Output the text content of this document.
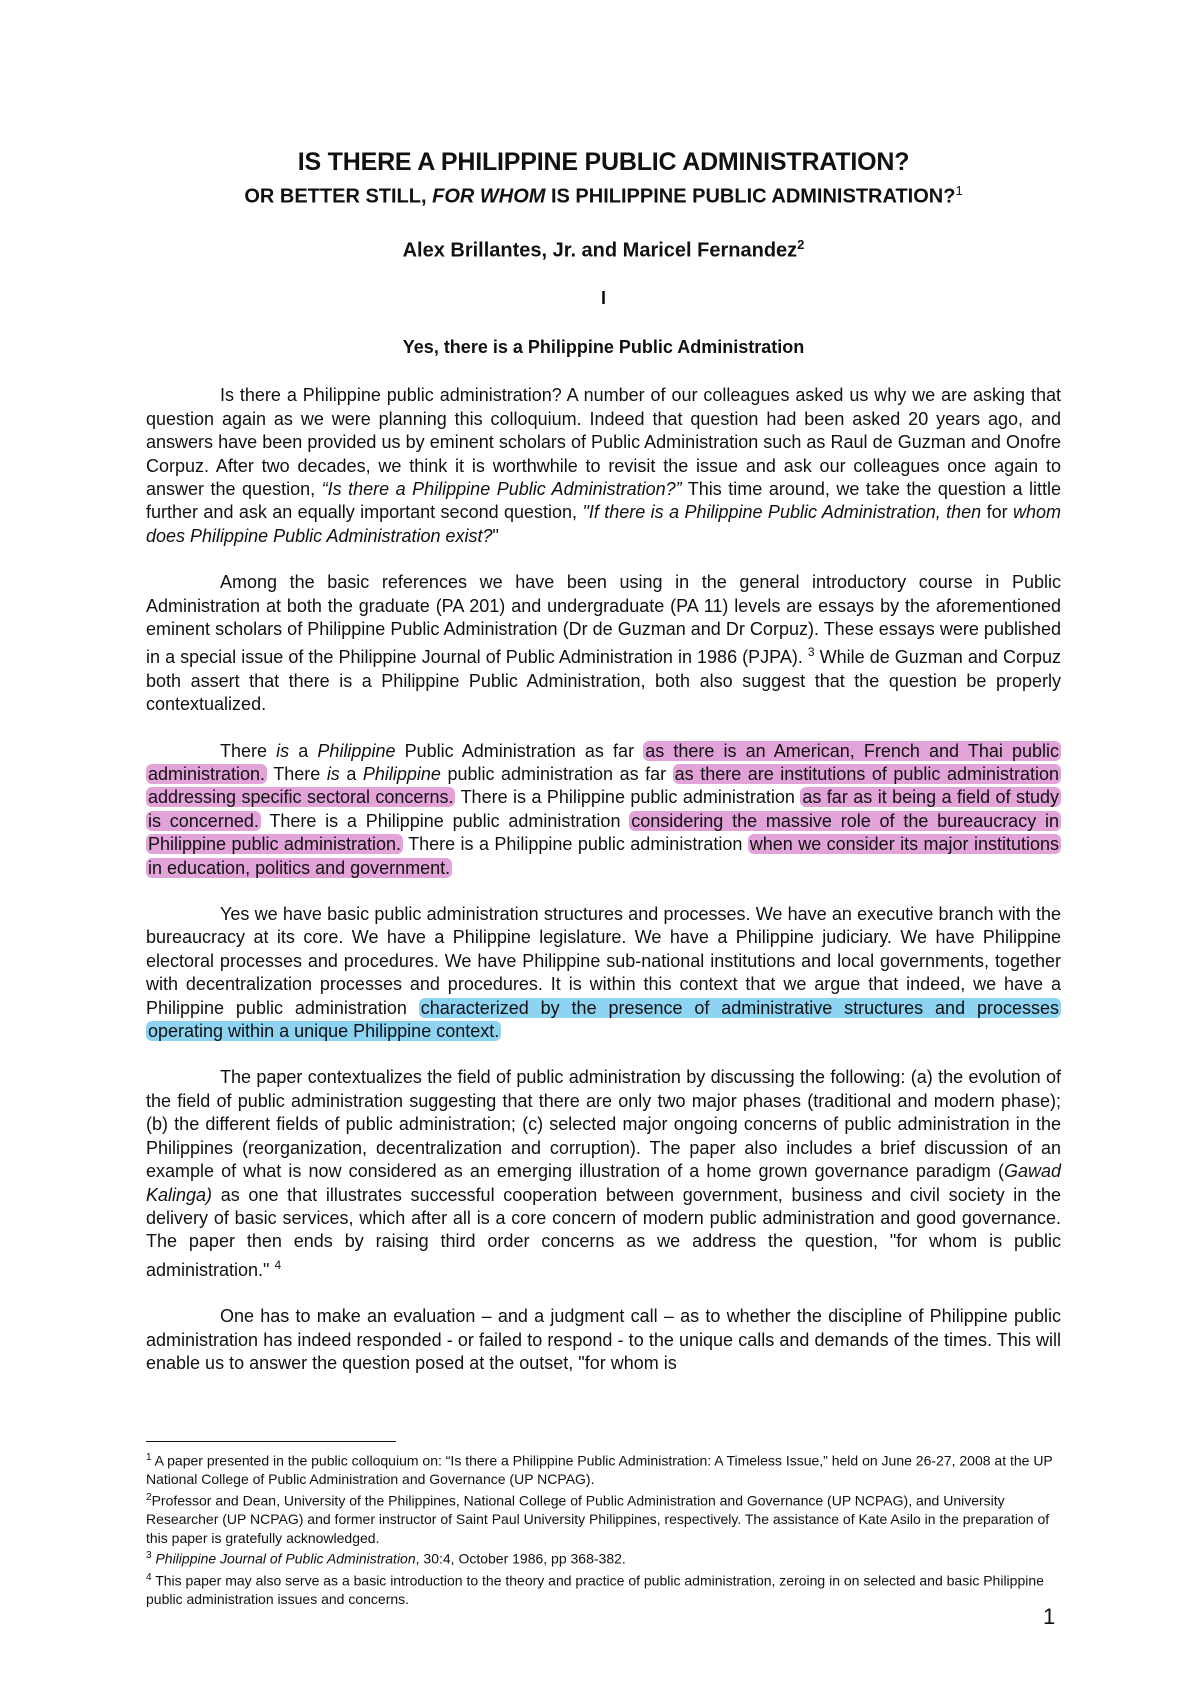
IS THERE A PHILIPPINE PUBLIC ADMINISTRATION?
OR BETTER STILL, FOR WHOM IS PHILIPPINE PUBLIC ADMINISTRATION?$^1$
Alex Brillantes, Jr. and Maricel Fernandez$^2$
I
Yes, there is a Philippine Public Administration

Is there a Philippine public administration? A number of our colleagues asked us why we are asking that question again as we were planning this colloquium. Indeed that question had been asked 20 years ago, and answers have been provided us by eminent scholars of Public Administration such as Raul de Guzman and Onofre Corpuz. After two decades, we think it is worthwhile to revisit the issue and ask our colleagues once again to answer the question, “Is there a Philippine Public Administration?” This time around, we take the question a little further and ask an equally important second question, "If there is a Philippine Public Administration, then for whom does Philippine Public Administration exist?"

Among the basic references we have been using in the general introductory course in Public Administration at both the graduate (PA 201) and undergraduate (PA 11) levels are essays by the aforementioned eminent scholars of Philippine Public Administration (Dr de Guzman and Dr Corpuz). These essays were published in a special issue of the Philippine Journal of Public Administration in 1986 (PJPA). $^3$ While de Guzman and Corpuz both assert that there is a Philippine Public Administration, both also suggest that the question be properly contextualized.

There is a Philippine Public Administration as far as there is an American, French and Thai public administration. There is a Philippine public administration as far as there are institutions of public administration addressing specific sectoral concerns. There is a Philippine public administration as far as it being a field of study is concerned. There is a Philippine public administration considering the massive role of the bureaucracy in Philippine public administration. There is a Philippine public administration when we consider its major institutions in education, politics and government.

Yes we have basic public administration structures and processes. We have an executive branch with the bureaucracy at its core. We have a Philippine legislature. We have a Philippine judiciary. We have Philippine electoral processes and procedures. We have Philippine sub-national institutions and local governments, together with decentralization processes and procedures. It is within this context that we argue that indeed, we have a Philippine public administration characterized by the presence of administrative structures and processes operating within a unique Philippine context.

The paper contextualizes the field of public administration by discussing the following: (a) the evolution of the field of public administration suggesting that there are only two major phases (traditional and modern phase); (b) the different fields of public administration; (c) selected major ongoing concerns of public administration in the Philippines (reorganization, decentralization and corruption). The paper also includes a brief discussion of an example of what is now considered as an emerging illustration of a home grown governance paradigm (Gawad Kalinga) as one that illustrates successful cooperation between government, business and civil society in the delivery of basic services, which after all is a core concern of modern public administration and good governance. The paper then ends by raising third order concerns as we address the question, "for whom is public administration." $^4$

One has to make an evaluation – and a judgment call – as to whether the discipline of Philippine public administration has indeed responded - or failed to respond - to the unique calls and demands of the times. This will enable us to answer the question posed at the outset, "for whom is

$^1$ A paper presented in the public colloquium on: “Is there a Philippine Public Administration: A Timeless Issue,” held on June 26-27, 2008 at the UP National College of Public Administration and Governance (UP NCPAG).
$^2$Professor and Dean, University of the Philippines, National College of Public Administration and Governance (UP NCPAG), and University Researcher (UP NCPAG) and former instructor of Saint Paul University Philippines, respectively. The assistance of Kate Asilo in the preparation of this paper is gratefully acknowledged.
$^3$ Philippine Journal of Public Administration, 30:4, October 1986, pp 368-382.
$^4$ This paper may also serve as a basic introduction to the theory and practice of public administration, zeroing in on selected and basic Philippine public administration issues and concerns.
1
